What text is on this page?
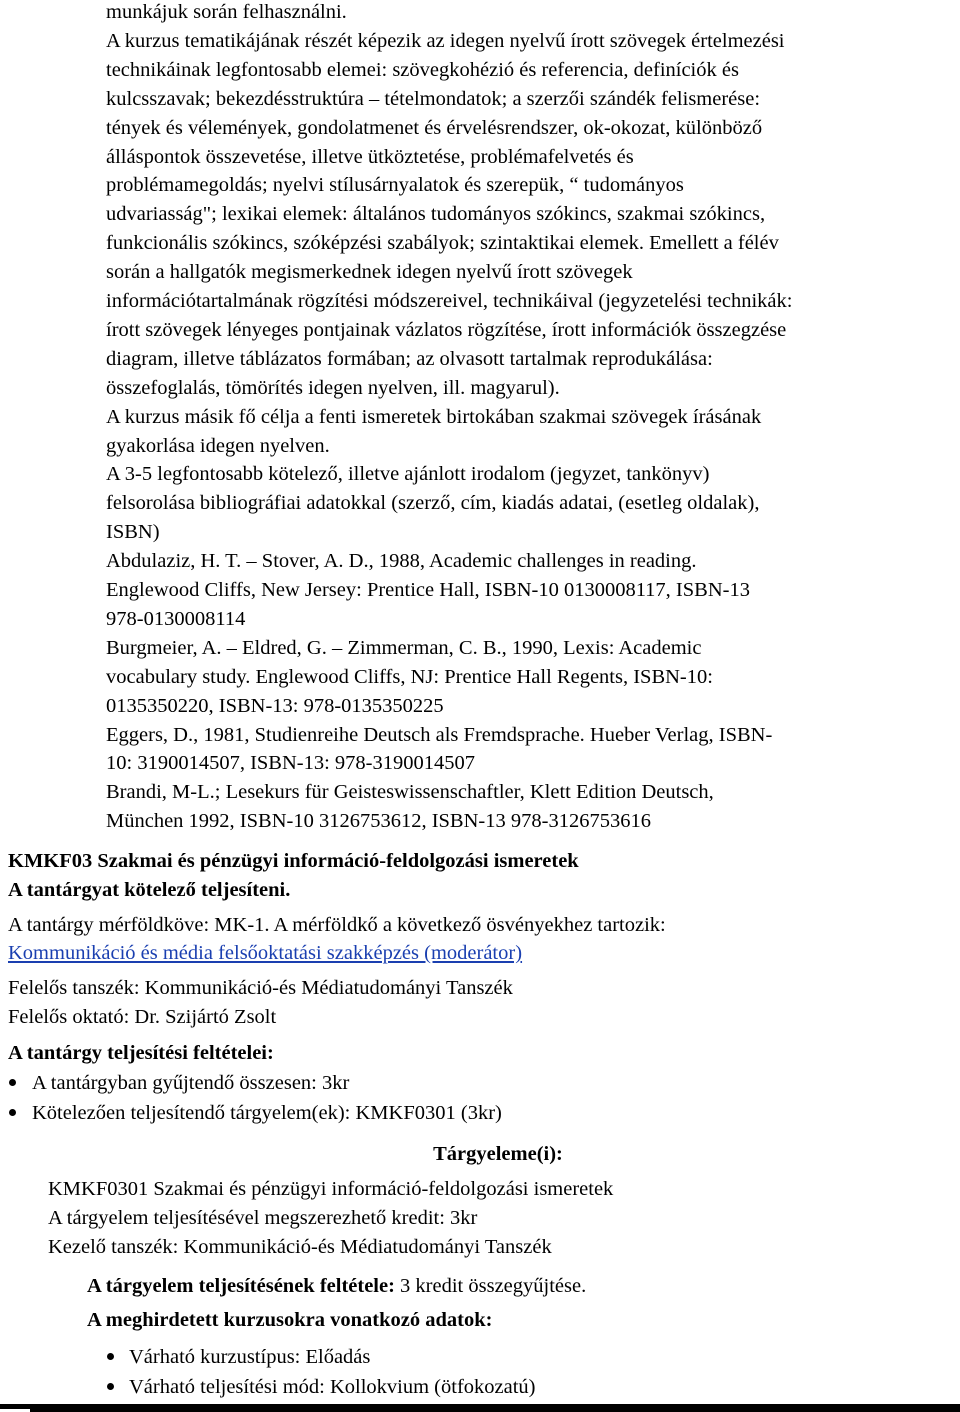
munkájuk során felhasználni.
A kurzus tematikájának részét képezik az idegen nyelvű írott szövegek értelmezési
technikáinak legfontosabb elemei: szövegkohézió és referencia, definíciók és
kulcsszavak; bekezdésstruktúra – tételmondatok; a szerzői szándék felismerése:
tények és vélemények, gondolatmenet és érvelésrendszer, ok-okozat, különböző
álláspontok összevetése, illetve ütköztetése, problémafelvetés és
problémamegoldás; nyelvi stílusárnyalatok és szerepük, “ tudományos
udvariasság"; lexikai elemek: általános tudományos szókincs, szakmai szókincs,
funkcionális szókincs, szóképzési szabályok; szintaktikai elemek. Emellett a félév
során a hallgatók megismerkednek idegen nyelvű írott szövegek
információtartalmának rögzítési módszereivel, technikáival (jegyzetelési technikák:
írott szövegek lényeges pontjainak vázlatos rögzítése, írott információk összegzése
diagram, illetve táblázatos formában; az olvasott tartalmak reprodukálása:
összefoglalás, tömörítés idegen nyelven, ill. magyarul).
A kurzus másik fő célja a fenti ismeretek birtokában szakmai szövegek írásának
gyakorlása idegen nyelven.
A 3-5 legfontosabb kötelező, illetve ajánlott irodalom (jegyzet, tankönyv)
felsorolása bibliográfiai adatokkal (szerző, cím, kiadás adatai, (esetleg oldalak),
ISBN)
Abdulaziz, H. T. – Stover, A. D., 1988, Academic challenges in reading.
Englewood Cliffs, New Jersey: Prentice Hall, ISBN-10 0130008117, ISBN-13
978-0130008114
Burgmeier, A. – Eldred, G. – Zimmerman, C. B., 1990, Lexis: Academic
vocabulary study. Englewood Cliffs, NJ: Prentice Hall Regents, ISBN-10:
0135350220, ISBN-13: 978-0135350225
Eggers, D., 1981, Studienreihe Deutsch als Fremdsprache. Hueber Verlag, ISBN-
10: 3190014507, ISBN-13: 978-3190014507
Brandi, M-L.; Lesekurs für Geisteswissenschaftler, Klett Edition Deutsch,
München 1992, ISBN-10 3126753612, ISBN-13 978-3126753616
KMKF03 Szakmai és pénzügyi információ-feldolgozási ismeretek
A tantárgyat kötelező teljesíteni.
A tantárgy mérföldköve: MK-1. A mérföldkő a következő ösvényekhez tartozik:
Kommunikáció és média felsőoktatási szakképzés (moderátor)
Felelős tanszék: Kommunikáció-és Médiatudományi Tanszék
Felelős oktató: Dr. Szijártó Zsolt
A tantárgy teljesítési feltételei:
A tantárgyban gyűjtendő összesen: 3kr
Kötelezően teljesítendő tárgyelem(ek): KMKF0301 (3kr)
Tárgyeleme(i):
KMKF0301 Szakmai és pénzügyi információ-feldolgozási ismeretek
A tárgyelem teljesítésével megszerezhető kredit: 3kr
Kezelő tanszék: Kommunikáció-és Médiatudományi Tanszék
A tárgyelem teljesítésének feltétele: 3 kredit összegyűjtése.
A meghirdetett kurzusokra vonatkozó adatok:
Várható kurzustípus: Előadás
Várható teljesítési mód: Kollokvium (ötfokozatú)
